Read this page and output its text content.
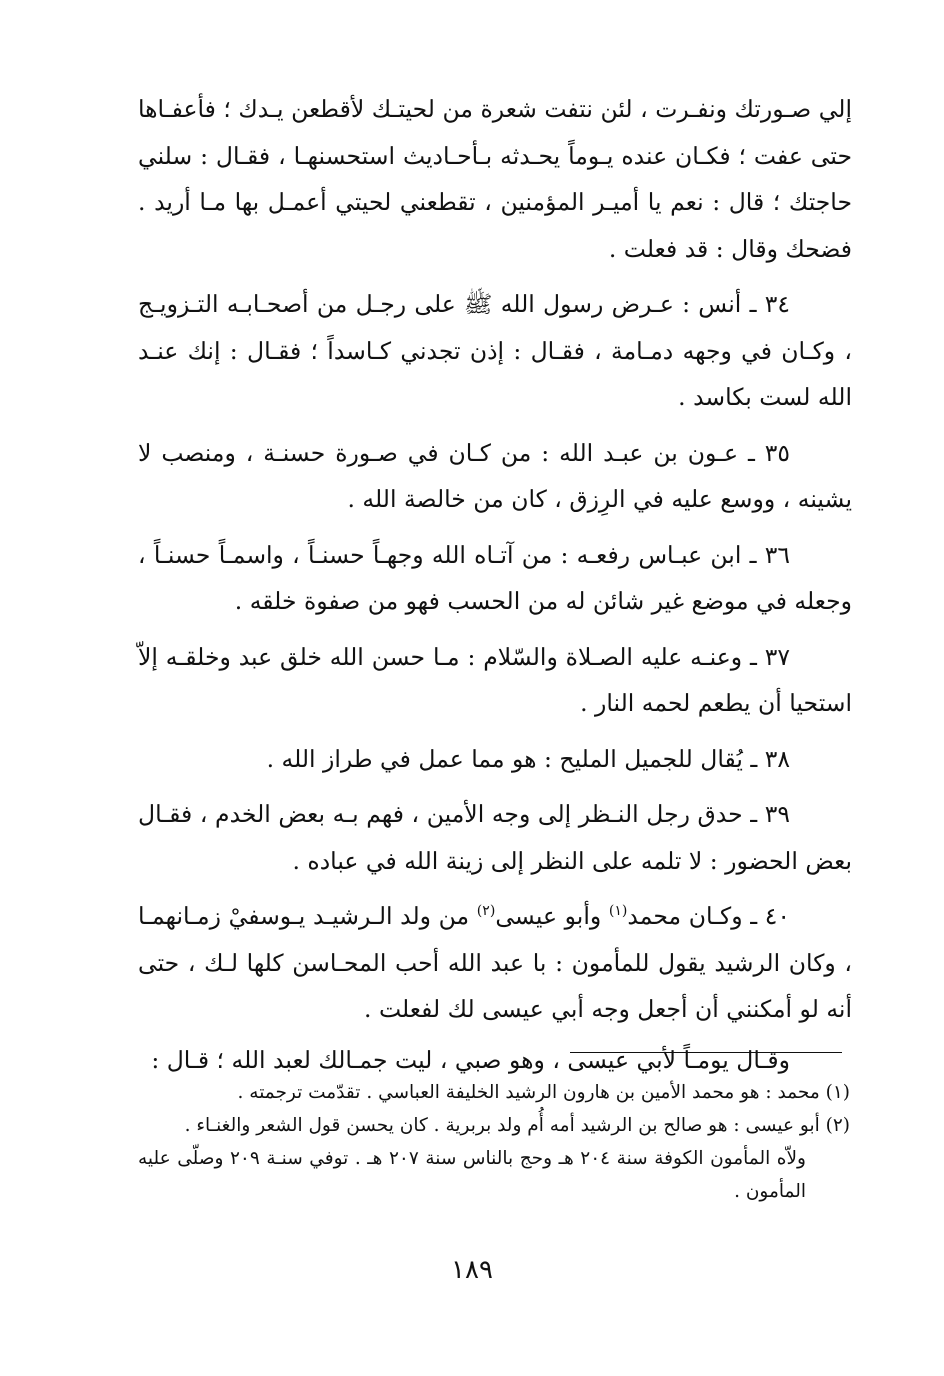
إلي صـورتك ونفـرت ، لئن نتفت شعرة من لحيتـك لأقطعن يـدك ؛ فأعفـاها حتى عفت ؛ فكـان عنده يـوماً يحـدثه بـأحـاديث استحسنهـا ، فقـال : سلني حاجتك ؛ قال : نعم يا أميـر المؤمنين ، تقطعني لحيتي أعمـل بها مـا أريد . فضحك وقال : قد فعلت .

٣٤ ـ أنس : عـرض رسول الله ﷺ على رجـل من أصحـابـه التـزويـج ، وكـان في وجهه دمـامة ، فقـال : إذن تجدني كـاسداً ؛ فقـال : إنك عنـد الله لست بكاسد .

٣٥ ـ عـون بن عبـد الله : من كـان في صـورة حسنـة ، ومنصب لا يشينه ، ووسع عليه في الرِزق ، كان من خالصة الله .

٣٦ ـ ابن عبـاس رفعـه : من آتـاه الله وجهـاً حسنـاً ، واسمـاً حسنـاً ، وجعله في موضع غير شائن له من الحسب فهو من صفوة خلقه .

٣٧ ـ وعنـه عليه الصـلاة والسّلام : مـا حسن الله خلق عبد وخلقـه إلاّ استحيا أن يطعم لحمه النار .

٣٨ ـ يُقال للجميل المليح : هو مما عمل في طراز الله .

٣٩ ـ حدق رجل النـظر إلى وجه الأمين ، فهم بـه بعض الخدم ، فقـال بعض الحضور : لا تلمه على النظر إلى زينة الله في عباده .

٤٠ ـ وكـان محمد$^{(١)}$ وأبو عيسى$^{(٢)}$ من ولد الـرشيـد يـوسفيْ زمـانهمـا ، وكان الرشيد يقول للمأمون : با عبد الله أحب المحـاسن كلها لـك ، حتى أنه لو أمكنني أن أجعل وجه أبي عيسى لك لفعلت .

وقـال يومـاً لأبي عيسى ، وهو صبي ، ليت جمـالك لعبد الله ؛ قـال :

(١) محمد : هو محمد الأمين بن هارون الرشيد الخليفة العباسي . تقدّمت ترجمته .

(٢) أبو عيسى : هو صالح بن الرشيد أمه أُم ولد بربرية . كان يحسن قول الشعر والغنـاء .

ولاّه المأمون الكوفة سنة ٢٠٤ هـ وحج بالناس سنة ٢٠٧ هـ . توفي سنـة ٢٠٩ وصلّى عليه المأمون .

١٨٩
